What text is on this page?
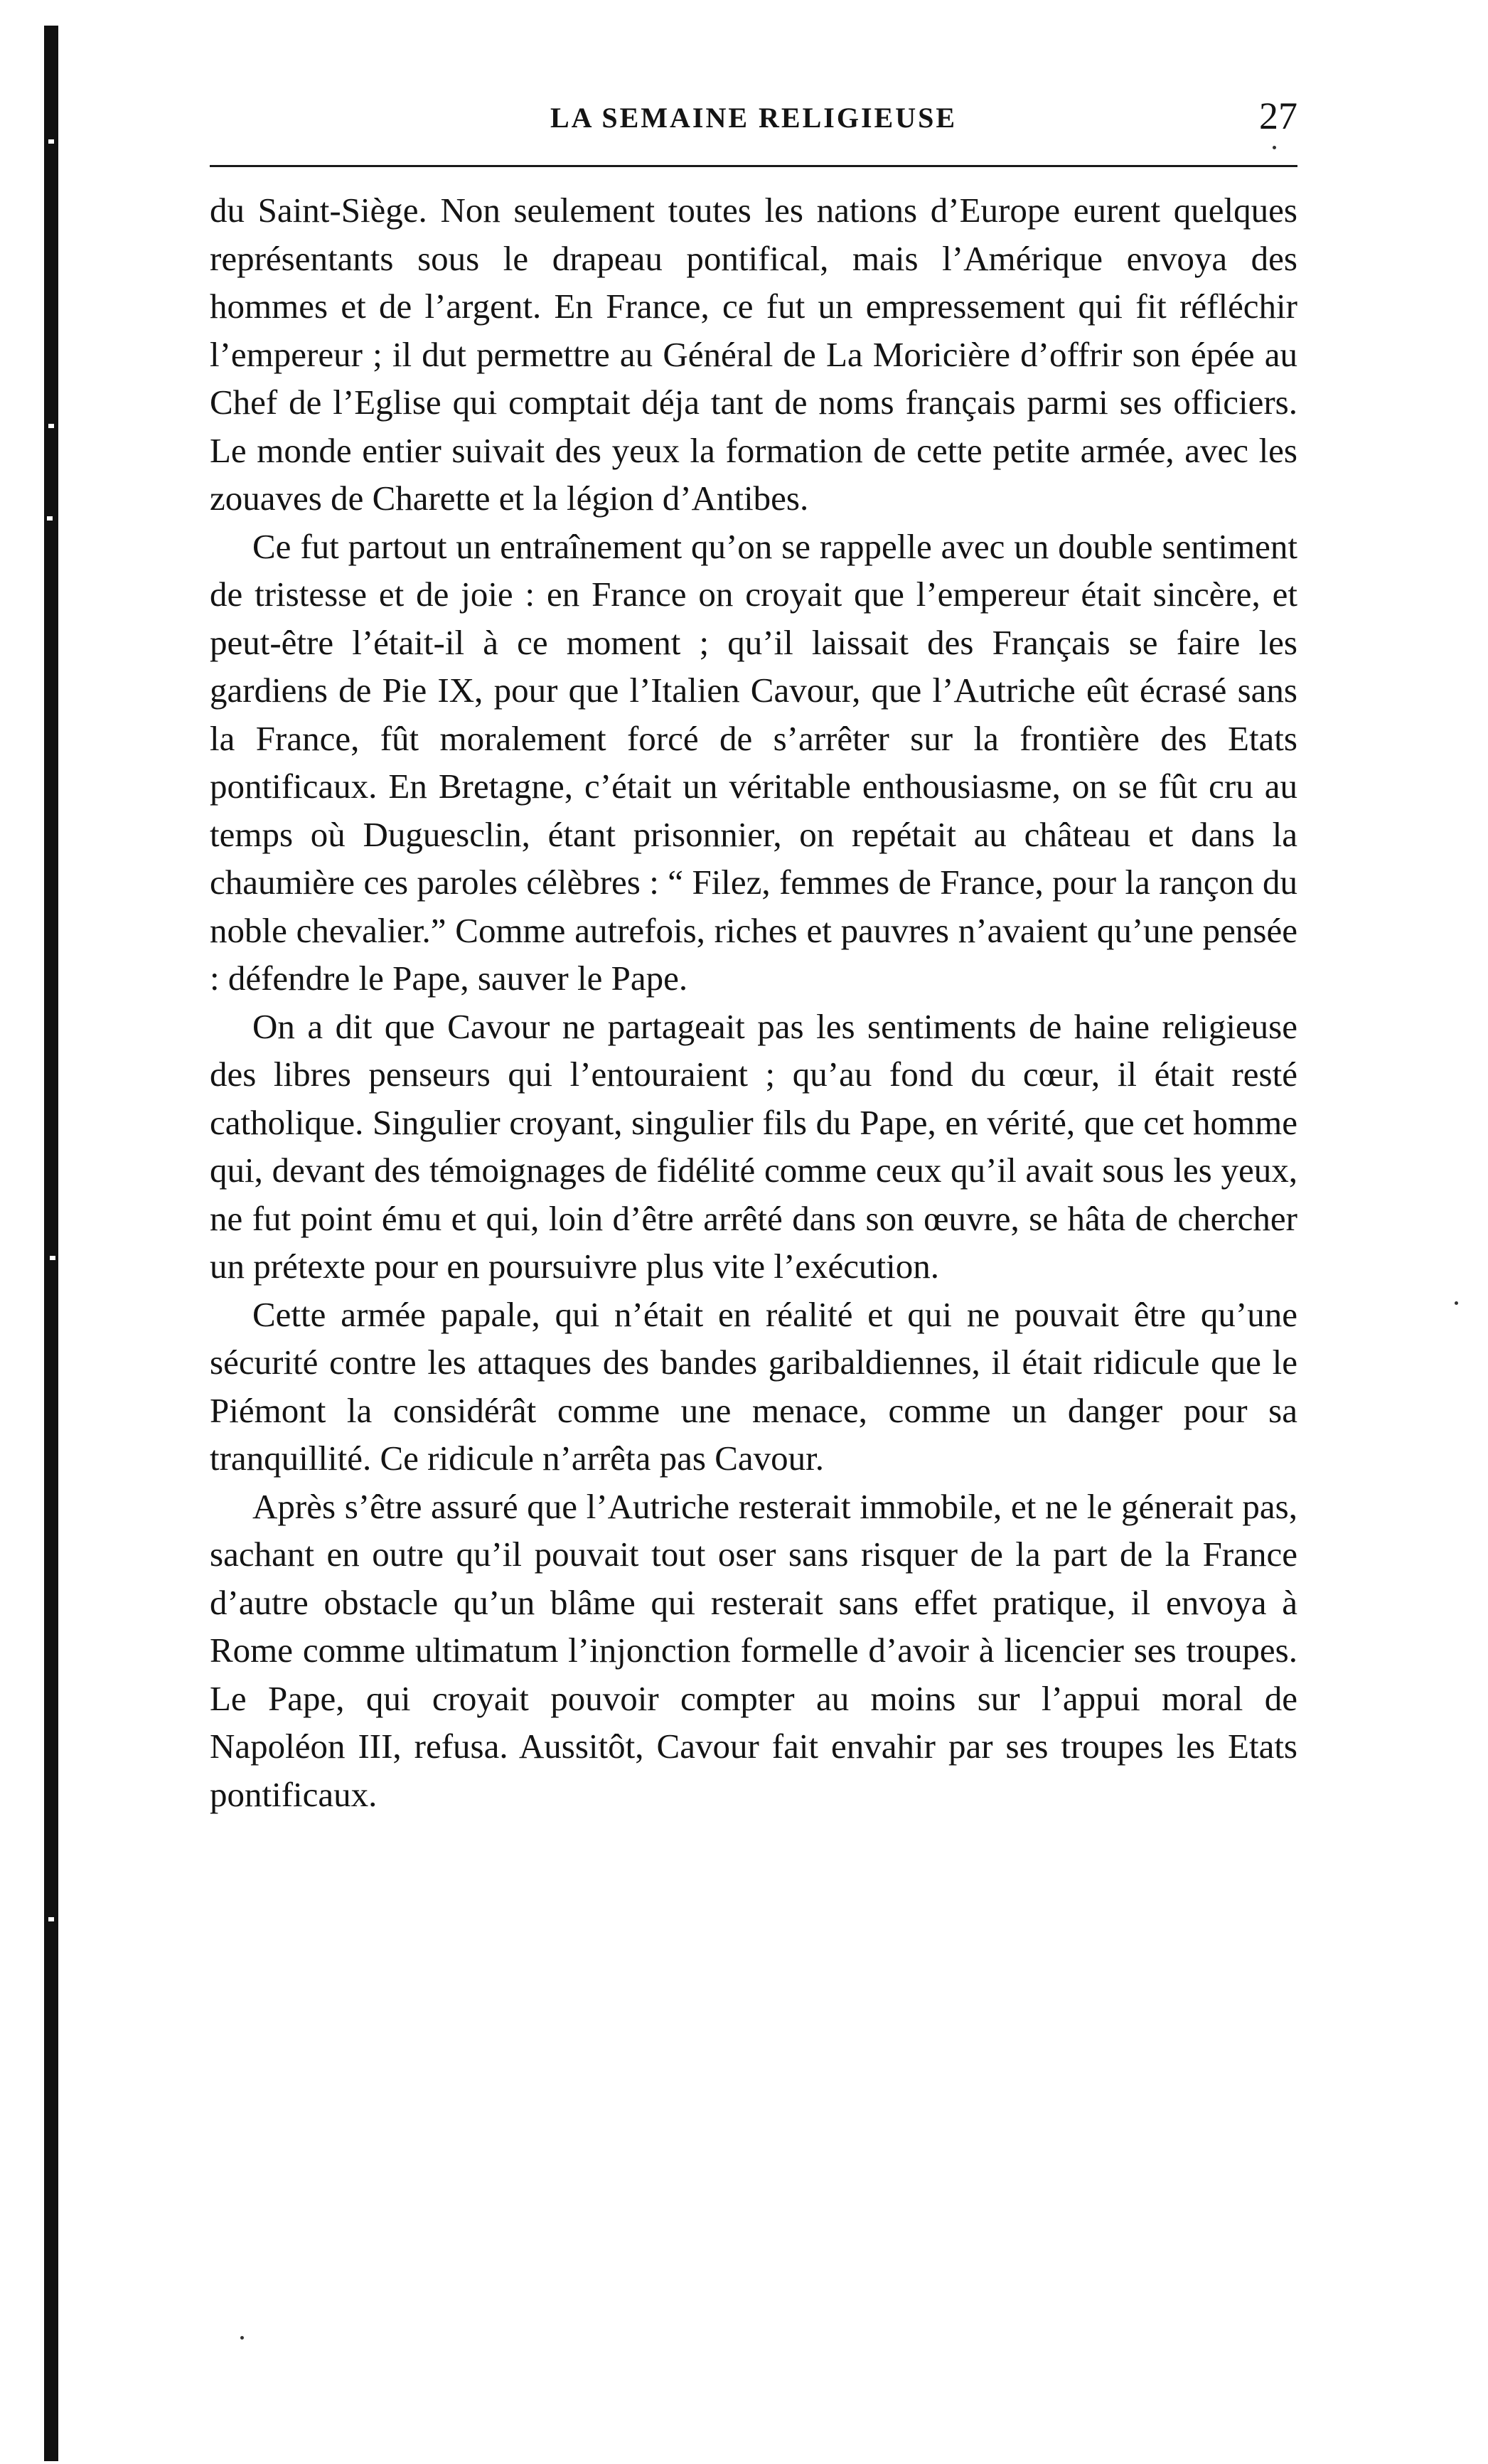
LA SEMAINE RELIGIEUSE	27

du Saint-Siège. Non seulement toutes les nations d’Europe eurent quelques représentants sous le drapeau pontifical, mais l’Amérique envoya des hommes et de l’argent. En France, ce fut un empressement qui fit réfléchir l’empereur ; il dut permettre au Général de La Moricière d’offrir son épée au Chef de l’Eglise qui comptait déja tant de noms français parmi ses officiers. Le monde entier suivait des yeux la formation de cette petite armée, avec les zouaves de Charette et la légion d’Antibes.

Ce fut partout un entraînement qu’on se rappelle avec un double sentiment de tristesse et de joie : en France on croyait que l’empereur était sincère, et peut-être l’était-il à ce moment ; qu’il laissait des Français se faire les gardiens de Pie IX, pour que l’Italien Cavour, que l’Autriche eût écrasé sans la France, fût moralement forcé de s’arrêter sur la frontière des Etats pontificaux. En Bretagne, c’était un véritable enthousiasme, on se fût cru au temps où Duguesclin, étant prisonnier, on repétait au château et dans la chaumière ces paroles célèbres : “ Filez, femmes de France, pour la rançon du noble chevalier.” Comme autrefois, riches et pauvres n’avaient qu’une pensée : défendre le Pape, sauver le Pape.

On a dit que Cavour ne partageait pas les sentiments de haine religieuse des libres penseurs qui l’entouraient ; qu’au fond du cœur, il était resté catholique. Singulier croyant, singulier fils du Pape, en vérité, que cet homme qui, devant des témoignages de fidélité comme ceux qu’il avait sous les yeux, ne fut point ému et qui, loin d’être arrêté dans son œuvre, se hâta de chercher un prétexte pour en poursuivre plus vite l’exécution.

Cette armée papale, qui n’était en réalité et qui ne pouvait être qu’une sécurité contre les attaques des bandes garibaldiennes, il était ridicule que le Piémont la considérât comme une menace, comme un danger pour sa tranquillité. Ce ridicule n’arrêta pas Cavour.

Après s’être assuré que l’Autriche resterait immobile, et ne le génerait pas, sachant en outre qu’il pouvait tout oser sans risquer de la part de la France d’autre obstacle qu’un blâme qui resterait sans effet pratique, il envoya à Rome comme ultimatum l’injonction formelle d’avoir à licencier ses troupes. Le Pape, qui croyait pouvoir compter au moins sur l’appui moral de Napoléon III, refusa. Aussitôt, Cavour fait envahir par ses troupes les Etats pontificaux.
